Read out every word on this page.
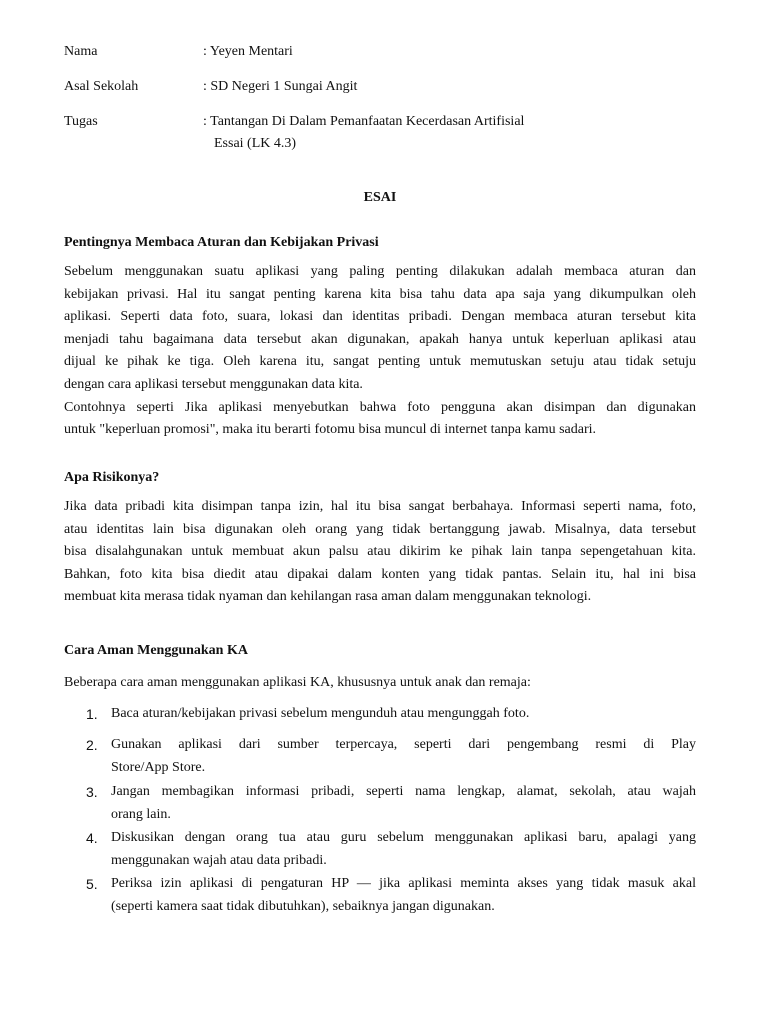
Nama	: Yeyen Mentari
Asal Sekolah	: SD Negeri 1 Sungai Angit
Tugas	: Tantangan Di Dalam Pemanfaatan Kecerdasan Artifisial
Essai (LK 4.3)
ESAI
Pentingnya Membaca Aturan dan Kebijakan Privasi
Sebelum menggunakan suatu aplikasi yang paling penting dilakukan adalah membaca aturan dan
kebijakan privasi. Hal itu sangat penting karena kita bisa tahu data apa saja yang dikumpulkan oleh
aplikasi. Seperti data foto, suara, lokasi dan identitas pribadi. Dengan membaca aturan tersebut kita
menjadi tahu bagaimana data tersebut akan digunakan, apakah hanya untuk keperluan aplikasi atau
dijual ke pihak ke tiga. Oleh karena itu, sangat penting untuk memutuskan setuju atau tidak setuju
dengan cara aplikasi tersebut menggunakan data kita.
Contohnya seperti Jika aplikasi menyebutkan bahwa foto pengguna akan disimpan dan digunakan
untuk "keperluan promosi", maka itu berarti fotomu bisa muncul di internet tanpa kamu sadari.
Apa Risikonya?
Jika data pribadi kita disimpan tanpa izin, hal itu bisa sangat berbahaya. Informasi seperti nama, foto,
atau identitas lain bisa digunakan oleh orang yang tidak bertanggung jawab. Misalnya, data tersebut
bisa disalahgunakan untuk membuat akun palsu atau dikirim ke pihak lain tanpa sepengetahuan kita.
Bahkan, foto kita bisa diedit atau dipakai dalam konten yang tidak pantas. Selain itu, hal ini bisa
membuat kita merasa tidak nyaman dan kehilangan rasa aman dalam menggunakan teknologi.
Cara Aman Menggunakan KA
Beberapa cara aman menggunakan aplikasi KA, khususnya untuk anak dan remaja:
1. Baca aturan/kebijakan privasi sebelum mengunduh atau mengunggah foto.
2. Gunakan aplikasi dari sumber terpercaya, seperti dari pengembang resmi di Play
Store/App Store.
3. Jangan membagikan informasi pribadi, seperti nama lengkap, alamat, sekolah, atau wajah
orang lain.
4. Diskusikan dengan orang tua atau guru sebelum menggunakan aplikasi baru, apalagi yang
menggunakan wajah atau data pribadi.
5. Periksa izin aplikasi di pengaturan HP — jika aplikasi meminta akses yang tidak masuk akal
(seperti kamera saat tidak dibutuhkan), sebaiknya jangan digunakan.
